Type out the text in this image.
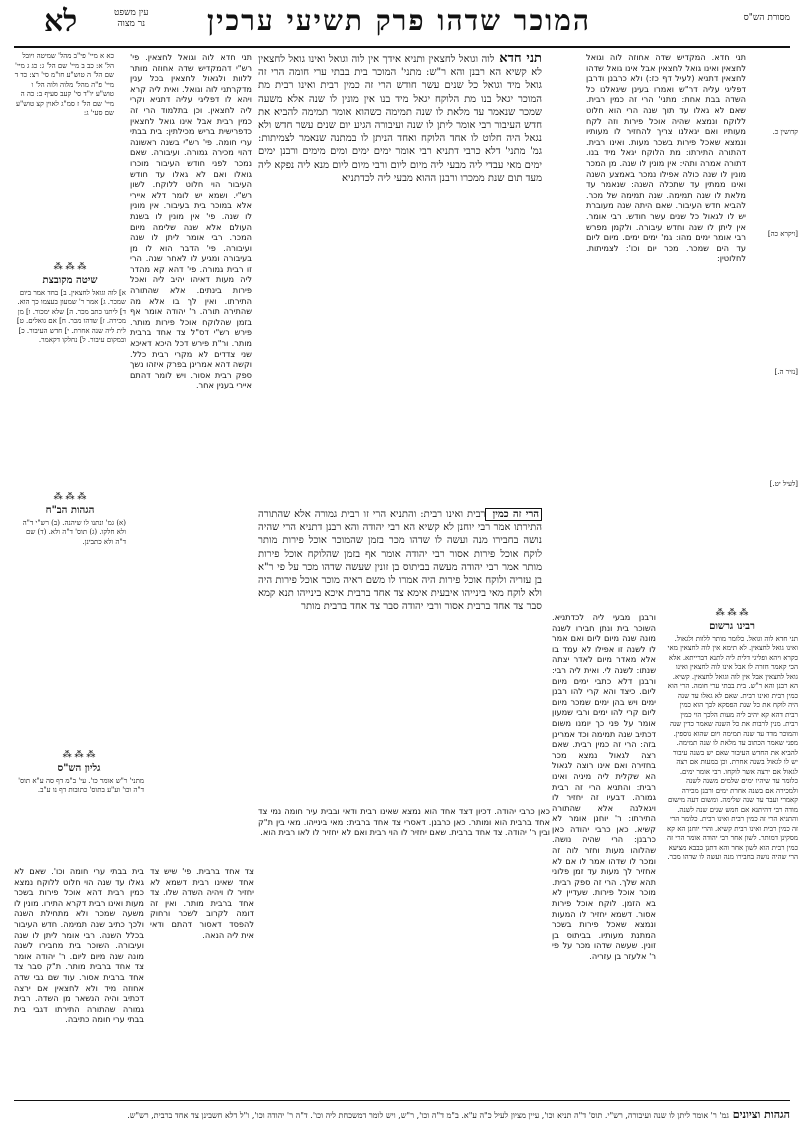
מסורת הש"ס
המוכר שדהו פרק תשיעי ערכין
עין משפט
נר מצוה
לא
קדושין כ.
[ויקרא כה]
[נזיר ה.]
[לעיל יט.]
⁂ ⁂ ⁂
רבינו גרשום
תני חדא לוה וגואל. כלומר מותר ללוות ולגאול. ואינו גואל לחצאין. לא תימא אין לוה לחצאין מאי כקרא ויהא ופליגי דלית ליה לתנא דברייתא. אלא הכי קאמר חזרה לו אבל אינו לוה לחצאין ואינו גואל לחצאין אבל אין לוה וגואל לחצאין. קשיא. הא רבנן והא ר"ש. בית בבתי ערי חומה. הרי הוא כמין רבית ואינו רבית. שאם לא גאלו עד שנה היה לוקח את כל שנת הפסקא לכך הוא כמין רבית דהא קא יהיב ליה מעות הלכך הוי כמין רבית. מנין לרבות את כל השנה שאמר כדין שנה והמוכר מדד עד שנה תמימה ויום שהוא נוספין. מפני שאמר הכתוב עד מלאת לו שנה תמימה. להביא את החדש העיבור שאם יש בשנה עיבור יש לו לגאול בשנה אחרת. וכן במעות אם רצה לגאול אם ירצה אשר לוקחו. רבי אומר ימים. כלומר עד שיהיו ימים שלמים משנה לשנה ולמכירה אם בשנה אחרת ימים ורבנן מכירה קאמרי ועבד עד שנה שלימה. ומשום דעה מישום מודה רבי דהיתנא אם חמש שנים שנה לשנה. והתניא הרי זה כמין רבית ואינו רבית. כלומר הרי זה כמין רבית ואינו רבית קשיא. והרי יוחנן הא קא מסקינן דמותר. לשון אחר רבי יהודה אומר הרי זה כמין רבית הוא לשון אחר והא דתנן בבבא מציעא הרי שהיה נושה בחבירו מנה ועשה לו שדהו מכר.
⁂ ⁂ ⁂
גליון הש"ס
מתני' ר"ש אומר כו'. עי' ב"מ דף סה ע"א תוס' ד"ה וכו' וע"ע בתוס' כתובות דף נו ע"ב.
כא א מיי' פי"ב מהל' שמיטה ויובל הל' א: כב ב מיי' שם הל' ג: כג ג מיי' שם הל' ה טוש"ע חו"מ סי' רצ: כד ד מיי' פ"ה מהל' מלוה ולוה הל' ו טוש"ע יו"ד סי' קעב סעיף ב: כה ה מיי' שם הל' ז סמ"ג לאוין קצ טוש"ע שם סעי' ג:
⁂ ⁂ ⁂
שיטה מקובצת
א] לוה וגואל לחצאין. ב] בחד אמר ביום שמכר. ג] אמר ר' שמעון בעצמו כך הוא. ד] ליתנו כתב מכר. ה] שלא ימכור. ו] מן מכירה. ז] שדהו מכר. ח] אם גואלים. ט] לית ליה שנה אחרת. י] חדש העיבור. כ] ובמקום עיבור. ל] נחלקו דקאמר.
⁂ ⁂ ⁂
הגהות הב"ח
(א) גמ' ונתנו לו שיהנה. (ב) רש"י ד"ה ולא חלקו. (ג) תוס' ד"ה ולא. (ד) שם ד"ה ולא כתבינן.
תני חדא. המקדיש שדה אחוזה לוה וגואל לחצאין ואינו גואל לחצאין אבל אינו גואל שדהו לחצאין דתניא (לעיל דף כז:) ולא כרבנן ודרבן דפליגי עליה דר"ש ואמרו בעינן שיגאלנו כל השדה בבת אחת: מתני' הרי זה כמין רבית. שאם לא גאלו עד תוך שנה הרי הוא חלוט ללוקח ונמצא שהיה אוכל פירות וזה לקח מעותיו ואם יגאלנו צריך להחזיר לו מעותיו ונמצא שאכל פירות בשכר מעות. ואינו רבית. דהתורה התירתו: מת הלוקח יגאל מיד בנו. דתורה אמרה ותהי: אין מונין לו שנה. מן המכר מונין לו שנה כולה אפילו נמכר באמצע השנה ואינו ממתין עד שתכלה השנה: שנאמר עד מלאת לו שנה תמימה. שנה תמימה של מכר. להביא חדש העיבור. שאם היתה שנה מעוברת יש לו לגאול כל שנים עשר חודש. רבי אומר. אין ליתן לו שנה וחדש עיבורה. ולקמן מפרש רבי אומר ימים מהו: גמ' ימים ימים. מיום ליום עד הים שמכר. מכר יום וכו': לצמיתות. לחלוטין:
תני חדא לוה וגואל לחצאין ותניא אידך אין לוה וגואל ואינו גואל לחצאין לא קשיא הא רבנן והא ר"ש: מתני' המוכר בית בבתי ערי חומה הרי זה גואל מיד וגואל כל שנים עשר חודש הרי זה כמין רבית ואינו רבית מת המוכר יגאל בנו מת הלוקח יגאל מיד בנו אין מונין לו שנה אלא משעה שמכר שנאמר עד מלאת לו שנה תמימה כשהוא אומר תמימה להביא את חדש העיבור רבי אומר ליתן לו שנה ועיבורה הגיע יום שנים עשר חדש ולא נגאל היה חלוט לו אחד הלוקח ואחד הניתן לו במתנה שנאמר לצמיתות: גמ' מתני' דלא כרבי דתניא רבי אומר ימים ימים ומים מימים ורבנן ימים ימים מאי עבדי ליה מבעי ליה מיום ליום ורבי מיום ליום מנא ליה נפקא ליה מעד תום שנת ממכרו ורבנן ההוא מבעי ליה לכדתניא
הרי זה כמין רבית ואינו רבית: והתניא הרי זו רבית גמורה אלא שהתורה התירתו אמר רבי יוחנן לא קשיא הא רבי יהודה והא רבנן דתניא הרי שהיה נושה בחבירו מנה ועשה לו שדהו מכר בזמן שהמוכר אוכל פירות מותר לוקח אוכל פירות אסור רבי יהודה אומר אף בזמן שהלוקח אוכל פירות מותר אמר רבי יהודה מעשה בביתוס בן זונין שעשה שדהו מכר על פי ר"א בן עזריה ולוקח אוכל פירות היה אמרו לו משם ראיה מוכר אוכל פירות היה ולא לוקח מאי בינייהו איבעית אימא צד אחד ברבית איכא בינייהו תנא קמא סבר צד אחד ברבית אסור ורבי יהודה סבר צד אחד ברבית מותר
תני חדא לוה וגואל לחצאין. פי' רש"י דהמקדיש שדה אחוזה מותר ללוות ולגאול לחצאין בכל ענין מדקרתני לוה וגואל. ואית ליה קרא ויהא לו דפליגי עליה דתניא וקרי ליה לחצאין. וכן בתלמוד הרי זה כמין רבית אבל אינו גואל לחצאין כדפרישית בריש מכילתין: בית בבתי ערי חומה. פי' רש"י בשנה ראשונה דהוי מכירה גמורה. ועיבורה. שאם נמכר לפני חודש העיבור מוכרו גואלו ואם לא גאלו עד חודש העיבור הוי חלוט ללוקח. לשון רש"י. ושמא יש לומר דלא איירי אלא במוכר בית בעיבור. אין מונין לו שנה. פי' אין מונין לו בשנת העולם אלא שנה שלימה מיום המכר. רבי אומר ליתן לו שנה ועיבורה. פי' הדבר הוא לו מן בעיבורה ומגיע לו לאחר שנה. הרי זו רבית גמורה. פי' דהא קא מהדר ליה מעות דאיהו יהיב ליה ואכל פירות בינתים. אלא שהתורה התירתו. ואין לך בו אלא מה שהתירה תורה. ר' יהודה אומר אף בזמן שהלוקח אוכל פירות מותר. פירש רש"י דס"ל צד אחד ברבית מותר. ור"ת פירש דכל היכא דאיכא שני צדדים לא מקרי רבית כלל. וקשה דהא אמרינן בפרק איזהו נשך ספק רבית אסור. ויש לומר דהתם איירי בענין אחר.
ורבנן מבעי ליה לכדתניא. השוכר בית ונתן חבירו לשנה מונה שנה מיום ליום ואם אמר לו לשנה זו אפילו לא עמד בו אלא מאדר מיום לאדר יצתה שנתו: לשנה לי. ואית ליה רבי: ורבנן דלא כתבי ימים מיום ליום. כיצד והא קרי להו רבנן ימים ויש בהן ימים שמכר מיום ליום קרי להו ימים ורבי שמעון אומר על פני כך יומנו משום דכתיב שנה תמימה וכד אמרינן בזה: הרי זה כמין רבית. שאם רצה לגאול נמצא מכר בחזירה ואם אינו רוצה לגאול הא שקלית ליה מיניה ואינו רבית: והתניא הרי זה רבית גמורה. דבעיו זה יחזיר לו ויגאלנה אלא שהתורה התירתו: ר' יוחנן אומר לא קשיא. כאן כרבי יהודה כאן כרבנן: הרי שהיה נושה. שהלוהו מעות וחזר לוה זה ומכר לו שדהו אמר לו אם לא אחזיר לך מעות עד זמן פלוני תהא שלך. הרי זה ספק רבית. מוכר אוכל פירות. שעדיין לא בא הזמן. לוקח אוכל פירות אסור. דשמא יחזיר לו המעות ונמצא שאכל פירות בשכר המתנת מעותיו. בביתוס בן זונין. שעשה שדהו מכר על פי ר' אלעזר בן עזריה.
כאן כרבי יהודה. דכיון דצד אחד הוא נמצא שאינו רבית ודאי ובבית עיר חומה נמי צד אחד ברבית הוא ומותר. כאן כרבנן. דאסרי צד אחד ברבית: מאי בינייהו. מאי בין ת"ק ובין ר' יהודה. צד אחד ברבית. שאם יחזיר לו הוי רבית ואם לא יחזיר לו לאו רבית הוא.
צד אחד ברבית. פי' שיש צד אחד שאינו רבית דשמא לא יחזיר לו ויהיה השדה שלו. צד אחד ברבית מותר. ואין זה דומה לקרוב לשכר ורחוק להפסד דאסור דהתם ודאי אית ליה הנאה.
בית בבתי ערי חומה וכו'. שאם לא גאלו עד שנה הוי חלוט ללוקח נמצא כמין רבית דהא אוכל פירות בשכר מעות ואינו רבית דקרא התירו. מונין לו משעה שמכר ולא מתחילת השנה ולכך כתיב שנה תמימה. חדש העיבור בכלל השנה. רבי אומר ליתן לו שנה ועיבורה. השוכר בית מחבירו לשנה מונה שנה מיום ליום. ר' יהודה אומר צד אחד ברבית מותר. ת"ק סבר צד אחד ברבית אסור. עוד שם גבי שדה אחוזה מיד ולא לחצאין אם ירצה דכתיב והיה הנשאר מן השדה. רבית גמורה שהתורה התירתו דגבי בית בבתי ערי חומה כתיבה.
הגהות וציונים גמ' ר' אומר ליתן לו שנה ועיבורה, רש"י. תוס' ד"ה תניא וכו', עיין מציון לעיל כ"ה ע"א. ב"מ ד"ה וכו', ר"ש, ויש לומר דמשכחת ליה וכו'. ד"ה ר' יהודה וכו', ו"ל דלא חשבינן צד אחד ברבית, רש"ש.
